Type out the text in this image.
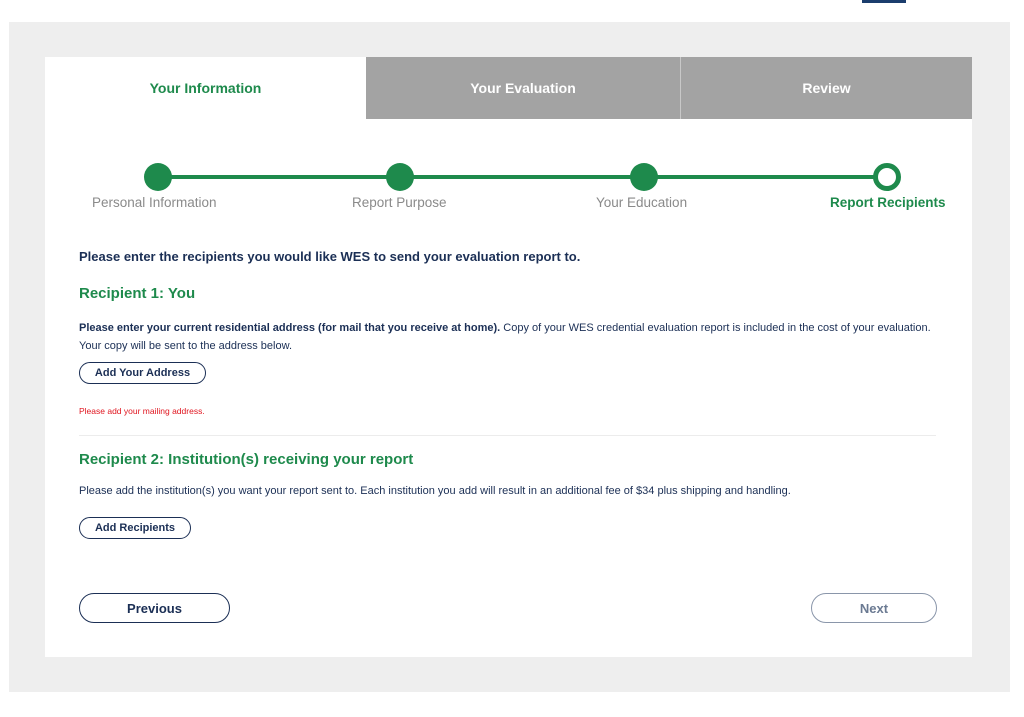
Your Information	Your Evaluation	Review
Personal Information	Report Purpose	Your Education	Report Recipients
Please enter the recipients you would like WES to send your evaluation report to.
Recipient 1: You
Please enter your current residential address (for mail that you receive at home). Copy of your WES credential evaluation report is included in the cost of your evaluation. Your copy will be sent to the address below.
Add Your Address
Please add your mailing address.
Recipient 2: Institution(s) receiving your report
Please add the institution(s) you want your report sent to. Each institution you add will result in an additional fee of $34 plus shipping and handling.
Add Recipients
Previous	Next
